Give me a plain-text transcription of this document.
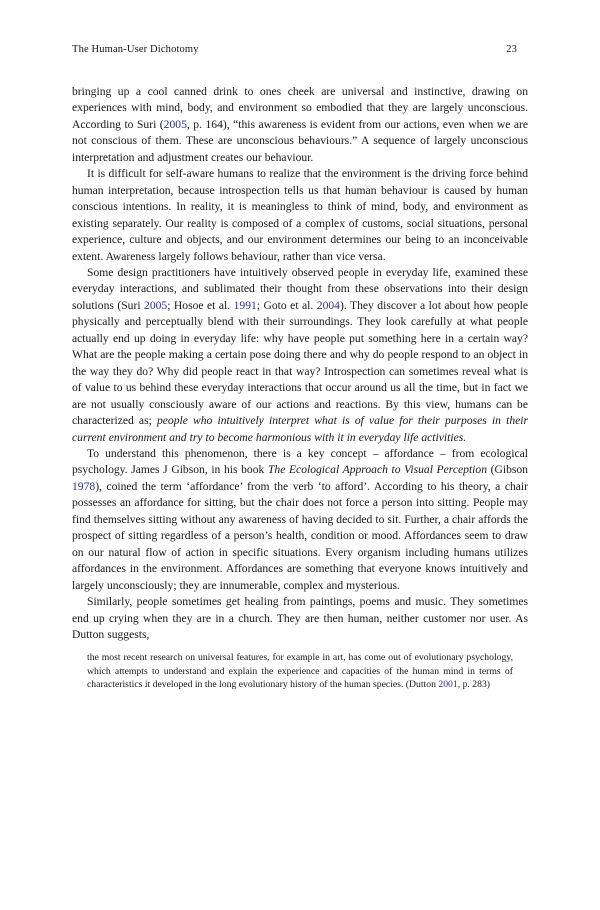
The Human-User Dichotomy	23

bringing up a cool canned drink to ones cheek are universal and instinctive, drawing on experiences with mind, body, and environment so embodied that they are largely unconscious. According to Suri (2005, p. 164), “this awareness is evident from our actions, even when we are not conscious of them. These are unconscious behaviours.” A sequence of largely unconscious interpretation and adjustment creates our behaviour.

It is difficult for self-aware humans to realize that the environment is the driving force behind human interpretation, because introspection tells us that human behaviour is caused by human conscious intentions. In reality, it is meaningless to think of mind, body, and environment as existing separately. Our reality is composed of a complex of customs, social situations, personal experience, culture and objects, and our environment determines our being to an inconceivable extent. Awareness largely follows behaviour, rather than vice versa.

Some design practitioners have intuitively observed people in everyday life, examined these everyday interactions, and sublimated their thought from these observations into their design solutions (Suri 2005; Hosoe et al. 1991; Goto et al. 2004). They discover a lot about how people physically and perceptually blend with their surroundings. They look carefully at what people actually end up doing in everyday life: why have people put something here in a certain way? What are the people making a certain pose doing there and why do people respond to an object in the way they do? Why did people react in that way? Introspection can sometimes reveal what is of value to us behind these everyday interactions that occur around us all the time, but in fact we are not usually consciously aware of our actions and reactions. By this view, humans can be characterized as; people who intuitively interpret what is of value for their purposes in their current environment and try to become harmonious with it in everyday life activities.

To understand this phenomenon, there is a key concept – affordance – from ecological psychology. James J Gibson, in his book The Ecological Approach to Visual Perception (Gibson 1978), coined the term ‘affordance’ from the verb ‘to afford’. According to his theory, a chair possesses an affordance for sitting, but the chair does not force a person into sitting. People may find themselves sitting without any awareness of having decided to sit. Further, a chair affords the prospect of sitting regardless of a person’s health, condition or mood. Affordances seem to draw on our natural flow of action in specific situations. Every organism including humans utilizes affordances in the environment. Affordances are something that everyone knows intuitively and largely unconsciously; they are innumerable, complex and mysterious.

Similarly, people sometimes get healing from paintings, poems and music. They sometimes end up crying when they are in a church. They are then human, neither customer nor user. As Dutton suggests,

the most recent research on universal features, for example in art, has come out of evolutionary psychology, which attempts to understand and explain the experience and capacities of the human mind in terms of characteristics it developed in the long evolutionary history of the human species. (Dutton 2001, p. 283)
